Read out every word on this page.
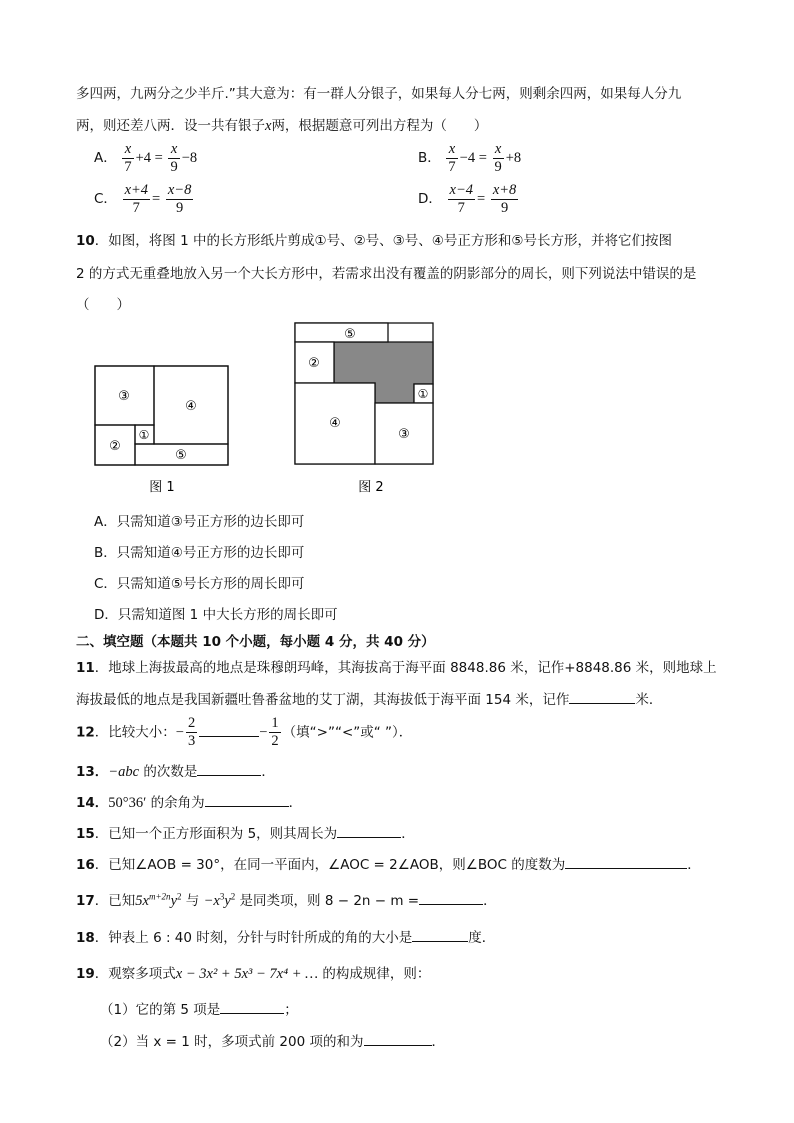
多四两，九两分之少半斤.”其大意为：有一群人分银子，如果每人分七两，则剩余四两，如果每人分九
两，则还差八两．设一共有银子x两，根据题意可列出方程为（　　）
A． $\frac{x}{7} +4 = \frac{x}{9} -8$	B． $\frac{x}{7} -4 = \frac{x}{9} +8$
C． $\frac{x+4}{7} = \frac{x-8}{9}$	D． $\frac{x-4}{7} = \frac{x+8}{9}$
10．如图，将图 1 中的长方形纸片剪成①号、②号、③号、④号正方形和⑤号长方形，并将它们按图
2 的方式无重叠地放入另一个大长方形中，若需求出没有覆盖的阴影部分的周长，则下列说法中错误的是
（　　）
③
④
②
①
⑤
图 1
⑤
②
①
④
③
图 2
A．只需知道③号正方形的边长即可
B．只需知道④号正方形的边长即可
C．只需知道⑤号长方形的周长即可
D．只需知道图 1 中大长方形的周长即可
二、填空题（本题共 10 个小题，每小题 4 分，共 40 分）
11．地球上海拔最高的地点是珠穆朗玛峰，其海拔高于海平面 8848.86 米，记作+8848.86 米，则地球上
海拔最低的地点是我国新疆吐鲁番盆地的艾丁湖，其海拔低于海平面 154 米，记作	米．
12．比较大小：− $\frac{2}{3}$	− $\frac{1}{2}$ （填“>”“<”或“ ”）．
13．−abc 的次数是	．
14．50°36′ 的余角为	．
15．已知一个正方形面积为 5，则其周长为	．
16．已知∠AOB = 30°，在同一平面内，∠AOC = 2∠AOB，则∠BOC 的度数为	．
17．已知$5x^{m+2n}y^2$ 与 $-x^3y^2$ 是同类项，则 8 − 2n − m =	．
18．钟表上 6 : 40 时刻，分针与时针所成的角的大小是	度．
19．观察多项式x − 3x² + 5x³ − 7x⁴ + … 的构成规律，则：
（1）它的第 5 项是	；
（2）当 x = 1 时，多项式前 200 项的和为	．
